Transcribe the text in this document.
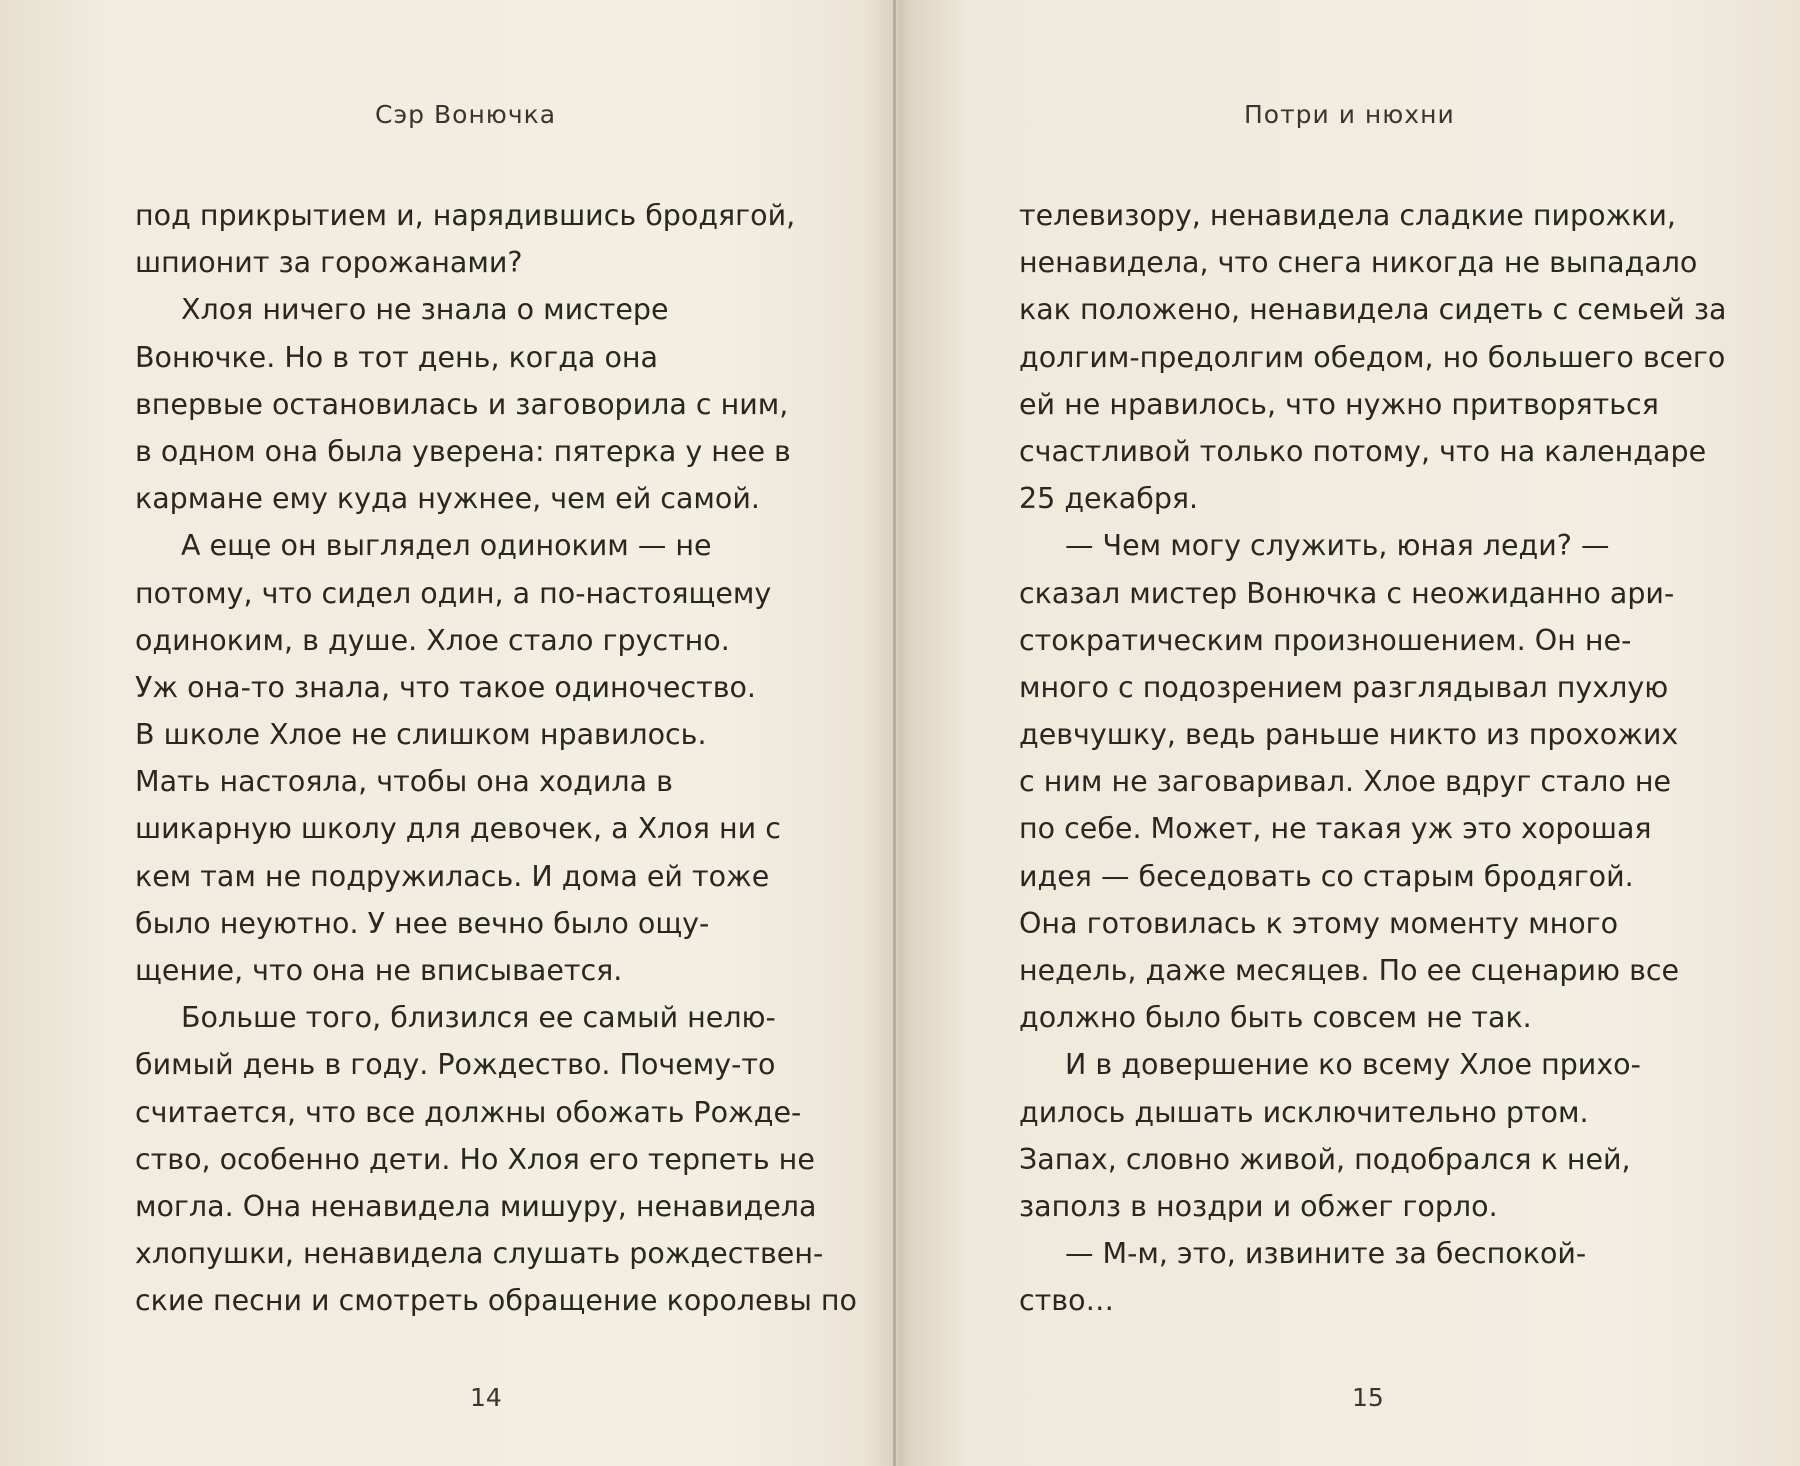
Сэр Вонючка
под прикрытием и, нарядившись бродягой,
шпионит за горожанами?
Хлоя ничего не знала о мистере
Вонючке. Но в тот день, когда она
впервые остановилась и заговорила с ним,
в одном она была уверена: пятерка у нее в
кармане ему куда нужнее, чем ей самой.
А еще он выглядел одиноким — не
потому, что сидел один, а по-настоящему
одиноким, в душе. Хлое стало грустно.
Уж она-то знала, что такое одиночество.
В школе Хлое не слишком нравилось.
Мать настояла, чтобы она ходила в
шикарную школу для девочек, а Хлоя ни с
кем там не подружилась. И дома ей тоже
было неуютно. У нее вечно было ощу-
щение, что она не вписывается.
Больше того, близился ее самый нелю-
бимый день в году. Рождество. Почему-то
считается, что все должны обожать Рожде-
ство, особенно дети. Но Хлоя его терпеть не
могла. Она ненавидела мишуру, ненавидела
хлопушки, ненавидела слушать рождествен-
ские песни и смотреть обращение королевы по
14
Потри и нюхни
телевизору, ненавидела сладкие пирожки,
ненавидела, что снега никогда не выпадало
как положено, ненавидела сидеть с семьей за
долгим-предолгим обедом, но большего всего
ей не нравилось, что нужно притворяться
счастливой только потому, что на календаре
25 декабря.
— Чем могу служить, юная леди? —
сказал мистер Вонючка с неожиданно ари-
стократическим произношением. Он не-
много с подозрением разглядывал пухлую
девчушку, ведь раньше никто из прохожих
с ним не заговаривал. Хлое вдруг стало не
по себе. Может, не такая уж это хорошая
идея — беседовать со старым бродягой.
Она готовилась к этому моменту много
недель, даже месяцев. По ее сценарию все
должно было быть совсем не так.
И в довершение ко всему Хлое прихо-
дилось дышать исключительно ртом.
Запах, словно живой, подобрался к ней,
заполз в ноздри и обжег горло.
— М-м, это, извините за беспокой-
ство…
15
